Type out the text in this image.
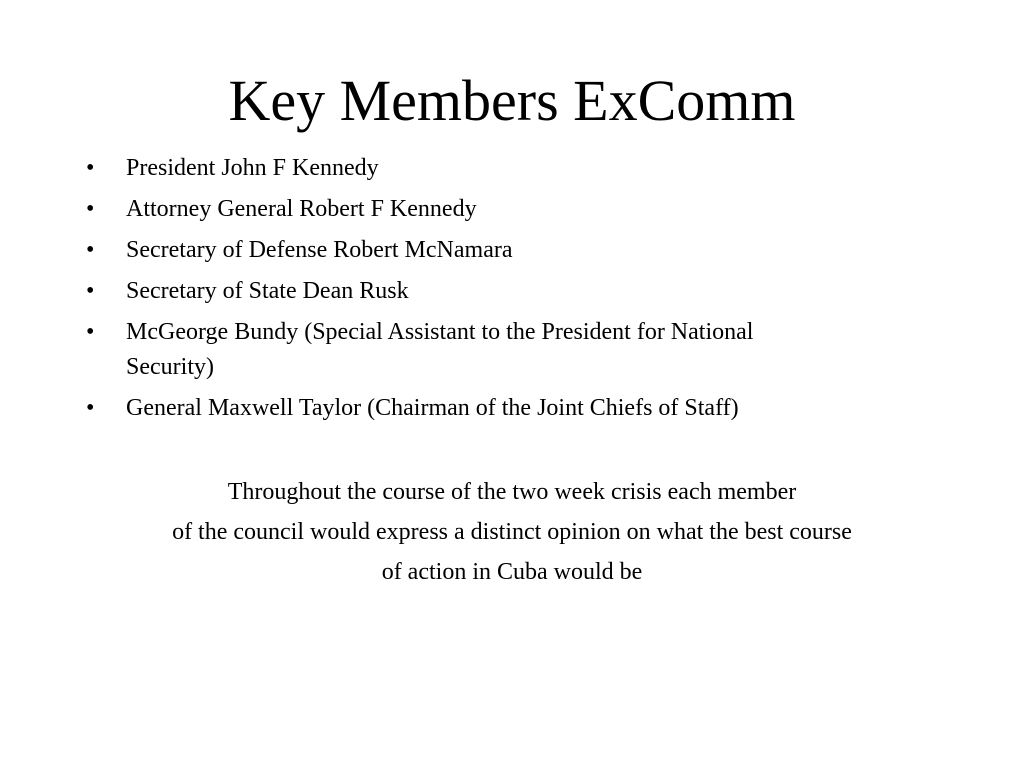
Key Members ExComm
• President John F Kennedy
• Attorney General Robert F Kennedy
• Secretary of Defense Robert McNamara
• Secretary of State Dean Rusk
• McGeorge Bundy (Special Assistant to the President for National
Security)
• General Maxwell Taylor (Chairman of the Joint Chiefs of Staff)
Throughout the course of the two week crisis each member
of the council would express a distinct opinion on what the best course
of action in Cuba would be
